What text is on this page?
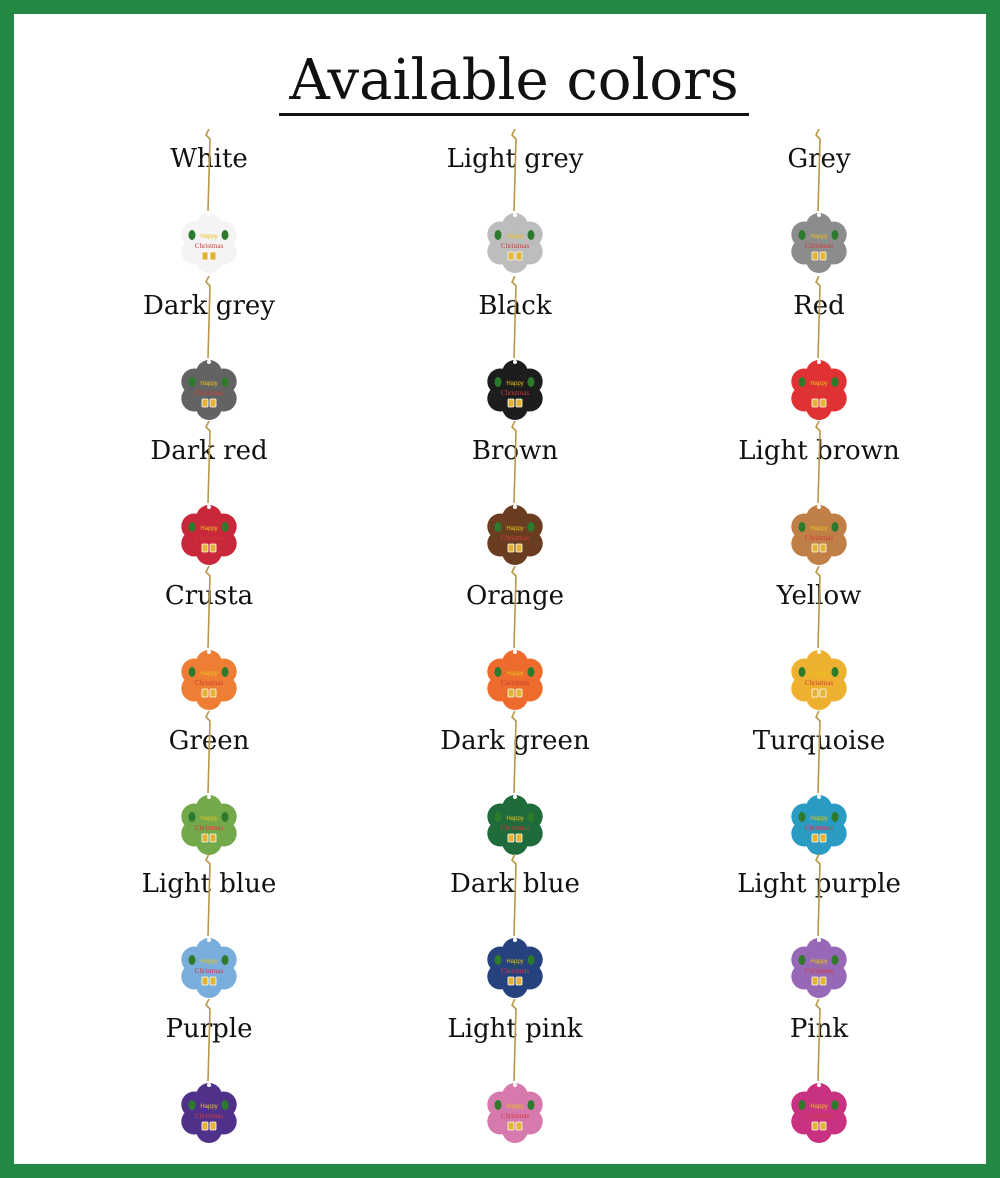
Available colors
White
Happy
Christmas
Light grey
Happy
Christmas
Grey
Happy
Christmas
Dark grey
Happy
Christmas
Black
Happy
Christmas
Red
Happy
Christmas
Dark red
Happy
Christmas
Brown
Happy
Christmas
Light brown
Happy
Christmas
Crusta
Happy
Christmas
Orange
Happy
Christmas
Yellow
Happy
Christmas
Green
Happy
Christmas
Dark green
Happy
Christmas
Turquoise
Happy
Christmas
Light blue
Happy
Christmas
Dark blue
Happy
Christmas
Light purple
Happy
Christmas
Purple
Happy
Christmas
Light pink
Happy
Christmas
Pink
Happy
Christmas
